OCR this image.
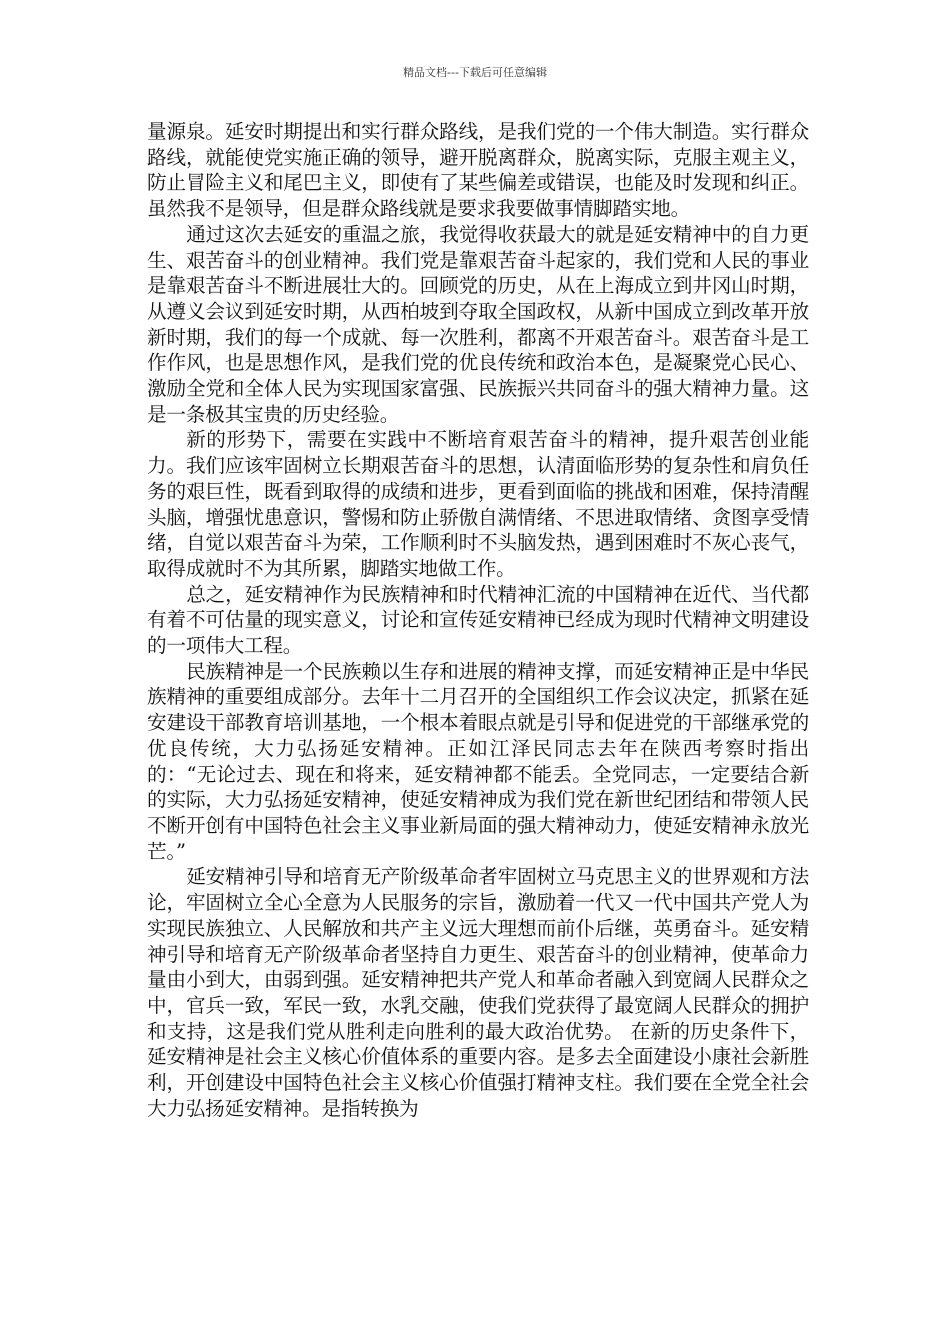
精品文档---下载后可任意编辑

量源泉。延安时期提出和实行群众路线，是我们党的一个伟大制造。实行群众路线，就能使党实施正确的领导，避开脱离群众，脱离实际，克服主观主义，防止冒险主义和尾巴主义，即使有了某些偏差或错误，也能及时发现和纠正。虽然我不是领导，但是群众路线就是要求我要做事情脚踏实地。

通过这次去延安的重温之旅，我觉得收获最大的就是延安精神中的自力更生、艰苦奋斗的创业精神。我们党是靠艰苦奋斗起家的，我们党和人民的事业是靠艰苦奋斗不断进展壮大的。回顾党的历史，从在上海成立到井冈山时期，从遵义会议到延安时期，从西柏坡到夺取全国政权，从新中国成立到改革开放新时期，我们的每一个成就、每一次胜利，都离不开艰苦奋斗。艰苦奋斗是工作作风，也是思想作风，是我们党的优良传统和政治本色，是凝聚党心民心、激励全党和全体人民为实现国家富强、民族振兴共同奋斗的强大精神力量。这是一条极其宝贵的历史经验。

新的形势下，需要在实践中不断培育艰苦奋斗的精神，提升艰苦创业能力。我们应该牢固树立长期艰苦奋斗的思想，认清面临形势的复杂性和肩负任务的艰巨性，既看到取得的成绩和进步，更看到面临的挑战和困难，保持清醒头脑，增强忧患意识，警惕和防止骄傲自满情绪、不思进取情绪、贪图享受情绪，自觉以艰苦奋斗为荣，工作顺利时不头脑发热，遇到困难时不灰心丧气，取得成就时不为其所累，脚踏实地做工作。

总之，延安精神作为民族精神和时代精神汇流的中国精神在近代、当代都有着不可估量的现实意义，讨论和宣传延安精神已经成为现时代精神文明建设的一项伟大工程。

民族精神是一个民族赖以生存和进展的精神支撑，而延安精神正是中华民族精神的重要组成部分。去年十二月召开的全国组织工作会议决定，抓紧在延安建设干部教育培训基地，一个根本着眼点就是引导和促进党的干部继承党的优良传统，大力弘扬延安精神。正如江泽民同志去年在陕西考察时指出的：“无论过去、现在和将来，延安精神都不能丢。全党同志，一定要结合新的实际，大力弘扬延安精神，使延安精神成为我们党在新世纪团结和带领人民不断开创有中国特色社会主义事业新局面的强大精神动力，使延安精神永放光芒。”

延安精神引导和培育无产阶级革命者牢固树立马克思主义的世界观和方法论，牢固树立全心全意为人民服务的宗旨，激励着一代又一代中国共产党人为实现民族独立、人民解放和共产主义远大理想而前仆后继，英勇奋斗。延安精神引导和培育无产阶级革命者坚持自力更生、艰苦奋斗的创业精神，使革命力量由小到大，由弱到强。延安精神把共产党人和革命者融入到宽阔人民群众之中，官兵一致，军民一致，水乳交融，使我们党获得了最宽阔人民群众的拥护和支持，这是我们党从胜利走向胜利的最大政治优势。 在新的历史条件下，延安精神是社会主义核心价值体系的重要内容。是多去全面建设小康社会新胜利，开创建设中国特色社会主义核心价值强打精神支柱。我们要在全党全社会大力弘扬延安精神。是指转换为
